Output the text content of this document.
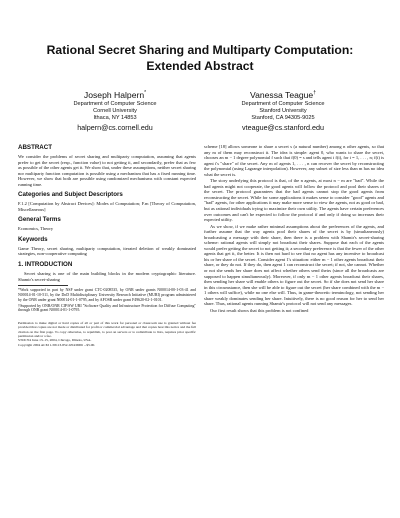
Rational Secret Sharing and Multiparty Computation:
Extended Abstract
Joseph Halpern*
Department of Computer Science
Cornell University
Ithaca, NY 14853
halpern@cs.cornell.edu
Vanessa Teague†
Department of Computer Science
Stanford University
Stanford, CA 94305-9025
vteague@cs.stanford.edu
ABSTRACT

We consider the problems of secret sharing and multiparty computation, assuming that agents prefer to get the secret (resp., function value) to not getting it, and secondarily, prefer that as few as possible of the other agents get it. We show that, under these assumptions, neither secret sharing nor multiparty function computation is possible using a mechanism that has a fixed running time. However, we show that both are possible using randomized mechanisms with constant expected running time.

Categories and Subject Descriptors

F.1.2 [Computation by Abstract Devices]: Modes of Computation; F.m [Theory of Computation, Miscellaneous]

General Terms

Economics, Theory

Keywords

Game Theory, secret sharing, multiparty computation, iterated deletion of weakly dominated strategies, non-cooperative computing

1. INTRODUCTION

Secret sharing is one of the main building blocks in the modern cryptographic literature. Shamir's secret-sharing

*Work supported in part by NSF under grant CTC-0208535, by ONR under grants N00014-00-1-03-41 and N00014-01-10-511, by the DoD Multidisciplinary University Research Initiative (MURI) program administered by the ONR under grant N00014-01-1-0795, and by AFOSR under grant F49620-02-1-0101.

†Supported by ONR/ONR CIP/SW URI "Software Quality and Infrastructure Protection for Diffuse Computing" through ONR grant N00014-01-1-0795.

Permission to make digital or hard copies of all or part of this work for personal or classroom use is granted without fee provided that copies are not made or distributed for profit or commercial advantage and that copies bear this notice and the full citation on the first page. To copy otherwise, to republish, to post on servers or to redistribute to lists, requires prior specific permission and/or a fee.
STOC'04 June 13–15, 2004, Chicago, Illinois, USA.
Copyright 2004 ACM 1-58113-852-0/04/0006 ...$5.00.

scheme [18] allows someone to share a secret s (a natural number) among n other agents, so that any m of them may reconstruct it. The idea is simple: agent 0, who wants to share the secret, chooses an m − 1 degree polynomial f such that f(0) = s and tells agent i f(i), for i = 1, . . . , n; f(i) is agent i's "share" of the secret. Any m of agents 1, . . . , n can recover the secret by reconstructing the polynomial (using Lagrange interpolation). However, any subset of size less than m has no idea what the secret is.

The story underlying this protocol is that, of the n agents, at most n − m are "bad". While the bad agents might not cooperate, the good agents will follow the protocol and pool their shares of the secret. The protocol guarantees that the bad agents cannot stop the good agents from reconstructing the secret. While for some applications it makes sense to consider "good" agents and "bad" agents, for other applications it may make more sense to view the agents, not as good or bad, but as rational individuals trying to maximize their own utility. The agents have certain preferences over outcomes and can't be expected to follow the protocol if and only if doing so increases their expected utility.

As we show, if we make rather minimal assumptions about the preferences of the agents, and further assume that the way agents pool their shares of the secret is by (simultaneously) broadcasting a message with their share, then there is a problem with Shamir's secret-sharing scheme: rational agents will simply not broadcast their shares. Suppose that each of the agents would prefer getting the secret to not getting it; a secondary preference is that the fewer of the other agents that get it, the better. It is then not hard to see that no agent has any incentive to broadcast his or her share of the secret. Consider agent 1's situation: either m − 1 other agents broadcast their share, or they do not. If they do, then agent 1 can reconstruct the secret; if not, she cannot. Whether or not she sends her share does not affect whether others send theirs (since all the broadcasts are supposed to happen simultaneously). Moreover, if only m − 1 other agents broadcast their shares, then sending her share will enable others to figure out the secret. So if she does not send her share in this circumstance, then she will be able to figure out the secret (her share combined with the m − 1 others will suffice), while no one else will. Thus, in game-theoretic terminology, not sending her share weakly dominates sending her share. Intuitively, there is no good reason for her to send her share. Thus, rational agents running Shamir's protocol will not send any messages.

Our first result shows that this problem is not confined
